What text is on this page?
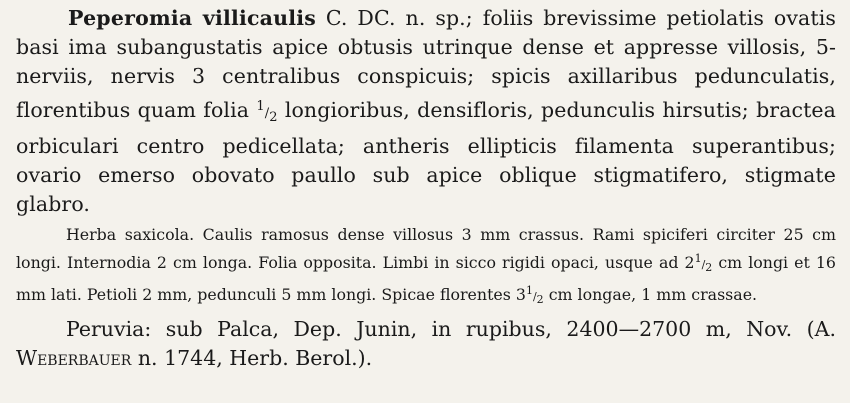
Peperomia villicaulis C. DC. n. sp.; foliis brevissime petiolatis ovatis basi ima subangustatis apice obtusis utrinque dense et appresse villosis, 5-nerviis, nervis 3 centralibus conspicuis; spicis axillaribus pedunculatis, florentibus quam folia 1/2 longioribus, densifloris, pedunculis hirsutis; bractea orbiculari centro pedicellata; antheris ellipticis filamenta superantibus; ovario emerso obovato paullo sub apice oblique stigmatifero, stigmate glabro.

Herba saxicola. Caulis ramosus dense villosus 3 mm crassus. Rami spiciferi circiter 25 cm longi. Internodia 2 cm longa. Folia opposita. Limbi in sicco rigidi opaci, usque ad 21/2 cm longi et 16 mm lati. Petioli 2 mm, pedunculi 5 mm longi. Spicae florentes 31/2 cm longae, 1 mm crassae.

Peruvia: sub Palca, Dep. Junin, in rupibus, 2400—2700 m, Nov. (A. Weberbauer n. 1744, Herb. Berol.).
